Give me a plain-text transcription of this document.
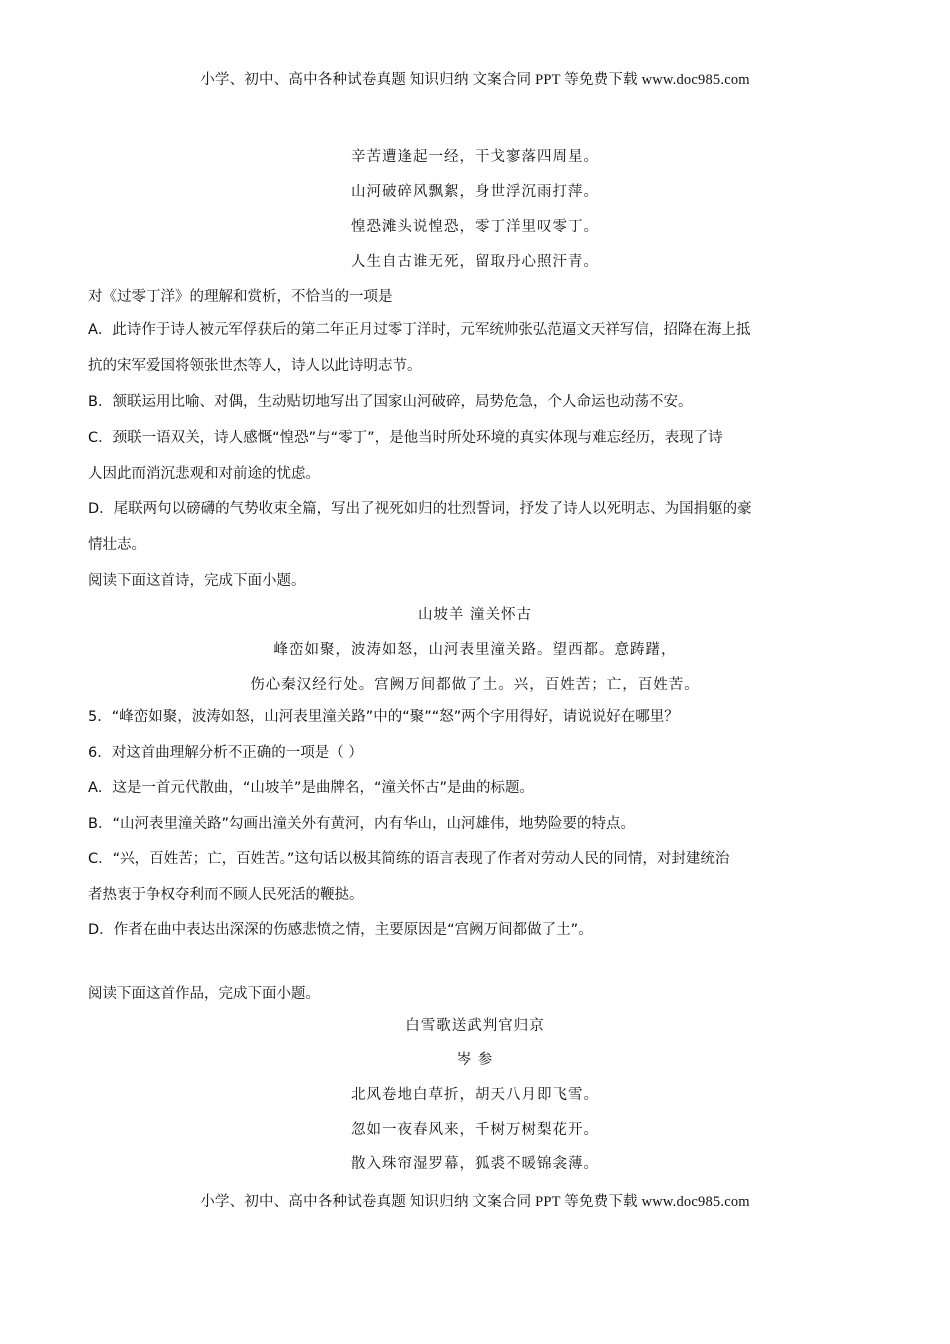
小学、初中、高中各种试卷真题 知识归纳 文案合同 PPT 等免费下载 www.doc985.com
辛苦遭逢起一经，干戈寥落四周星。
山河破碎风飘絮，身世浮沉雨打萍。
惶恐滩头说惶恐，零丁洋里叹零丁。
人生自古谁无死，留取丹心照汗青。
对《过零丁洋》的理解和赏析，不恰当的一项是
A．此诗作于诗人被元军俘获后的第二年正月过零丁洋时，元军统帅张弘范逼文天祥写信，招降在海上抵
抗的宋军爱国将领张世杰等人，诗人以此诗明志节。
B．颔联运用比喻、对偶，生动贴切地写出了国家山河破碎，局势危急，个人命运也动荡不安。
C．颈联一语双关，诗人感慨“惶恐”与“零丁”，是他当时所处环境的真实体现与难忘经历，表现了诗
人因此而消沉悲观和对前途的忧虑。
D．尾联两句以磅礴的气势收束全篇，写出了视死如归的壮烈誓词，抒发了诗人以死明志、为国捐躯的豪
情壮志。
阅读下面这首诗，完成下面小题。
山坡羊 潼关怀古
峰峦如聚，波涛如怒，山河表里潼关路。望西都。意踌躇，
伤心秦汉经行处。宫阙万间都做了土。兴，百姓苦；亡，百姓苦。
5．“峰峦如聚，波涛如怒，山河表里潼关路”中的“聚”“怒”两个字用得好，请说说好在哪里？
6．对这首曲理解分析不正确的一项是（ ）
A．这是一首元代散曲，“山坡羊”是曲牌名，“潼关怀古”是曲的标题。
B．“山河表里潼关路”勾画出潼关外有黄河，内有华山，山河雄伟，地势险要的特点。
C．“兴，百姓苦；亡，百姓苦。”这句话以极其简练的语言表现了作者对劳动人民的同情，对封建统治
者热衷于争权夺利而不顾人民死活的鞭挞。
D．作者在曲中表达出深深的伤感悲愤之情，主要原因是“宫阙万间都做了土”。
阅读下面这首作品，完成下面小题。
白雪歌送武判官归京
岑 参
北风卷地白草折，胡天八月即飞雪。
忽如一夜春风来，千树万树梨花开。
散入珠帘湿罗幕，狐裘不暖锦衾薄。
小学、初中、高中各种试卷真题 知识归纳 文案合同 PPT 等免费下载 www.doc985.com
